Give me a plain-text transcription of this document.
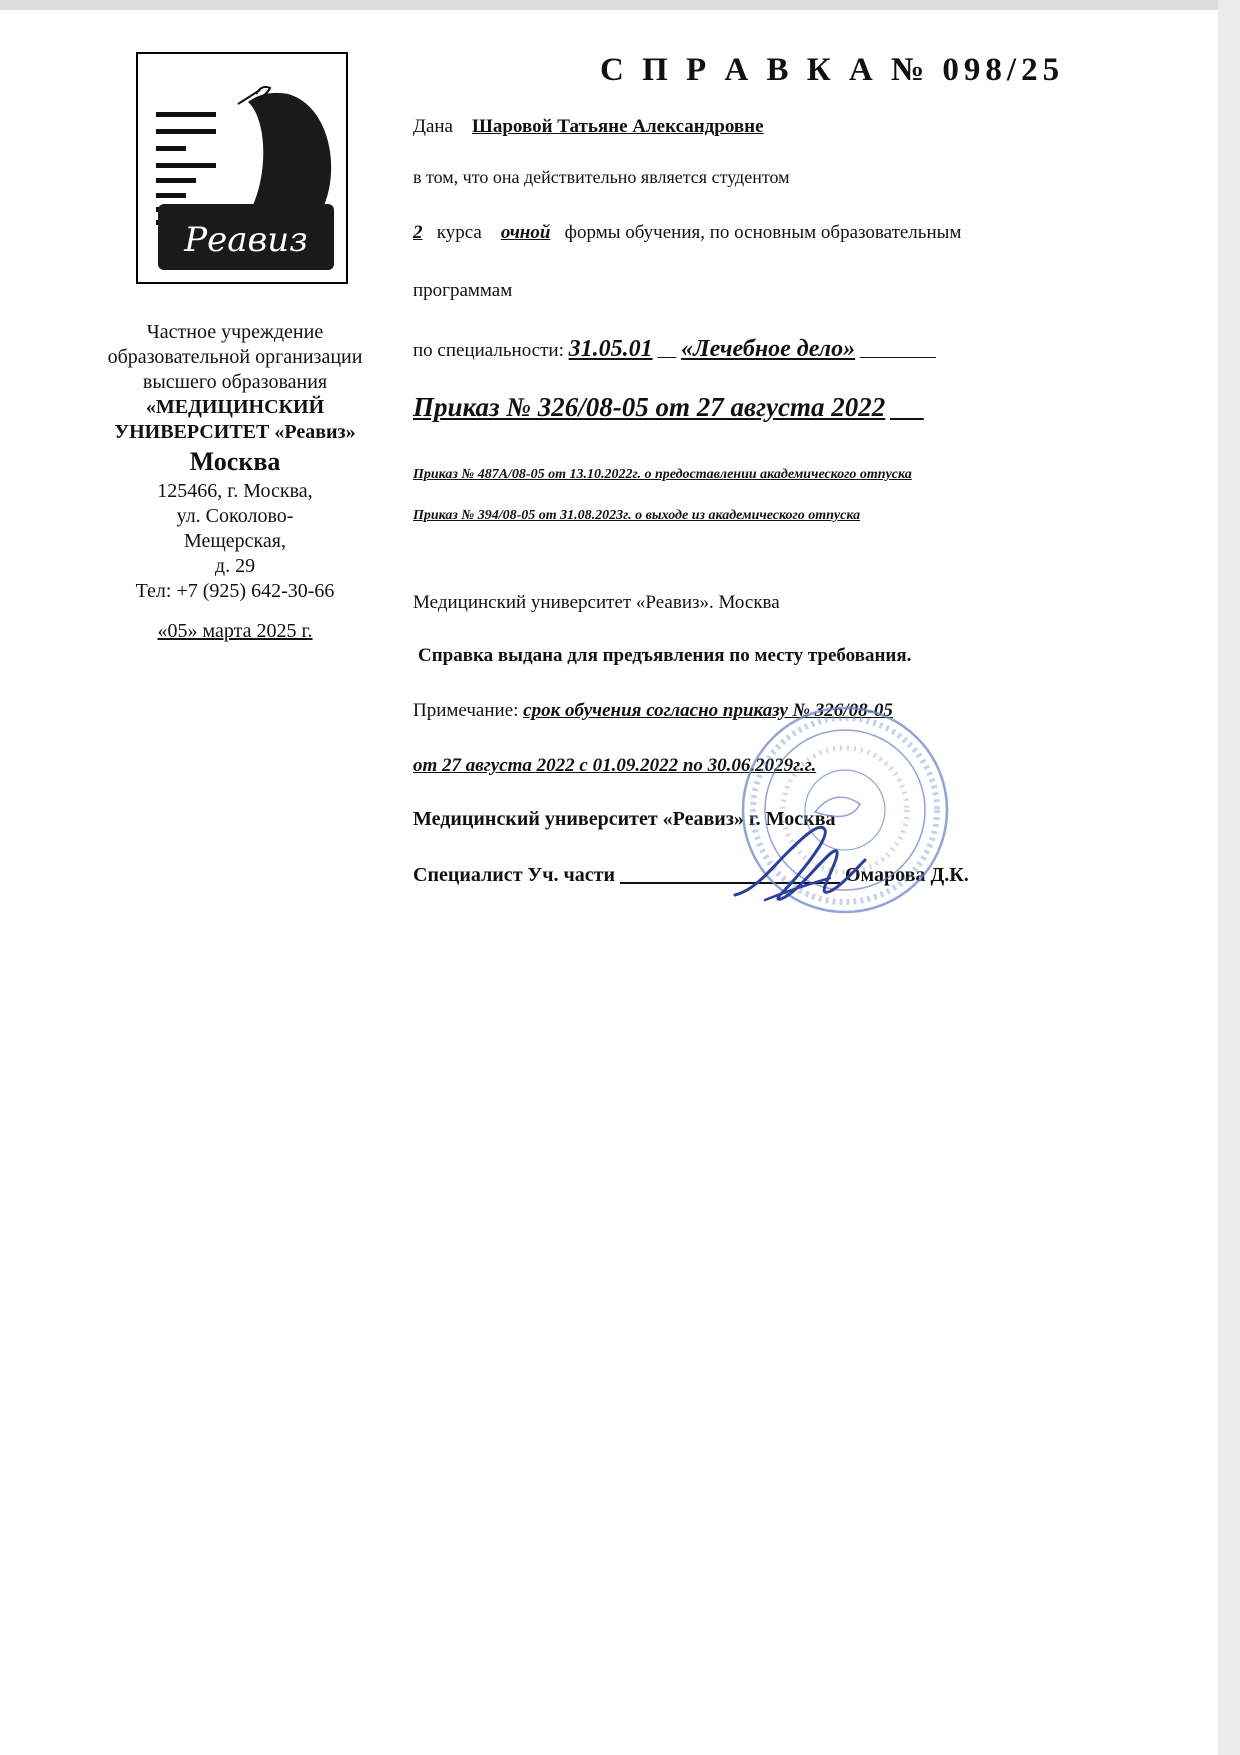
Реавиз
Частное учреждение
образовательной организации
высшего образования
«МЕДИЦИНСКИЙ
УНИВЕРСИТЕТ «Реавиз»
Москва
125466, г. Москва,
ул. Соколово-
Мещерская,
д. 29
Тел: +7 (925) 642-30-66
«05» марта 2025 г.
С П Р А В К А № 098/25
Дана Шаровой Татьяне Александровне
в том, что она действительно является студентом
2 курса очной формы обучения, по основным образовательным
программам
по специальности: 31.05.01 «Лечебное дело»
Приказ № 326/08-05 от 27 августа 2022
Приказ № 487А/08-05 от 13.10.2022г. о предоставлении академического отпуска
Приказ № 394/08-05 от 31.08.2023г. о выходе из академического отпуска
Медицинский университет «Реавиз». Москва
Справка выдана для предъявления по месту требования.
Примечание: срок обучения согласно приказу № 326/08-05
от 27 августа 2022 с 01.09.2022 по 30.06.2029г.г.
Медицинский университет «Реавиз» г. Москва
Специалист Уч. части	Омарова Д.К.
